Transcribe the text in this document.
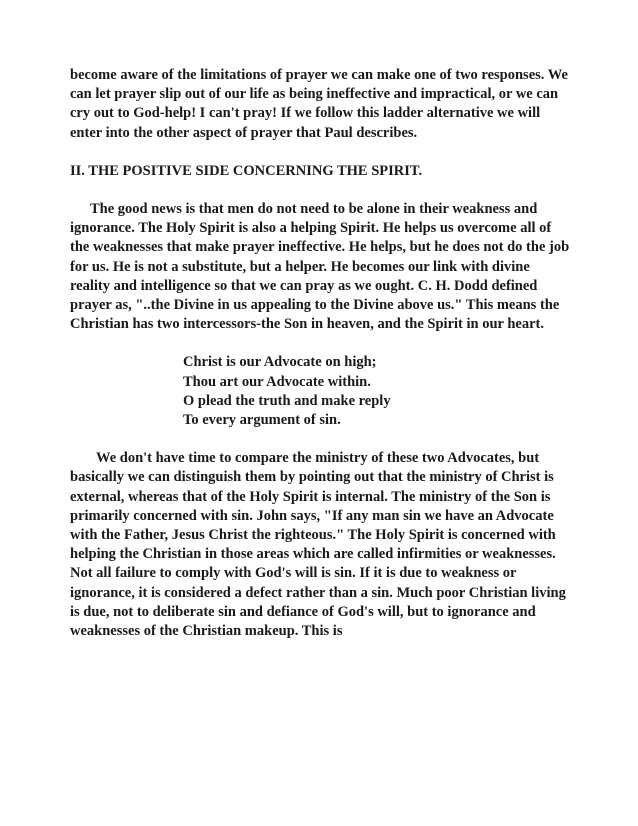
become aware of the limitations of prayer we can make one of two responses. We can let prayer slip out of our life as being ineffective and impractical, or we can cry out to God-help! I can't pray! If we follow this ladder alternative we will enter into the other aspect of prayer that Paul describes.

II. THE POSITIVE SIDE CONCERNING THE SPIRIT.

The good news is that men do not need to be alone in their weakness and ignorance. The Holy Spirit is also a helping Spirit. He helps us overcome all of the weaknesses that make prayer ineffective. He helps, but he does not do the job for us. He is not a substitute, but a helper. He becomes our link with divine reality and intelligence so that we can pray as we ought. C. H. Dodd defined prayer as, "..the Divine in us appealing to the Divine above us." This means the Christian has two intercessors-the Son in heaven, and the Spirit in our heart.

Christ is our Advocate on high;
Thou art our Advocate within.
O plead the truth and make reply
To every argument of sin.

We don't have time to compare the ministry of these two Advocates, but basically we can distinguish them by pointing out that the ministry of Christ is external, whereas that of the Holy Spirit is internal. The ministry of the Son is primarily concerned with sin. John says, "If any man sin we have an Advocate with the Father, Jesus Christ the righteous." The Holy Spirit is concerned with helping the Christian in those areas which are called infirmities or weaknesses. Not all failure to comply with God's will is sin. If it is due to weakness or ignorance, it is considered a defect rather than a sin. Much poor Christian living is due, not to deliberate sin and defiance of God's will, but to ignorance and weaknesses of the Christian makeup. This is
